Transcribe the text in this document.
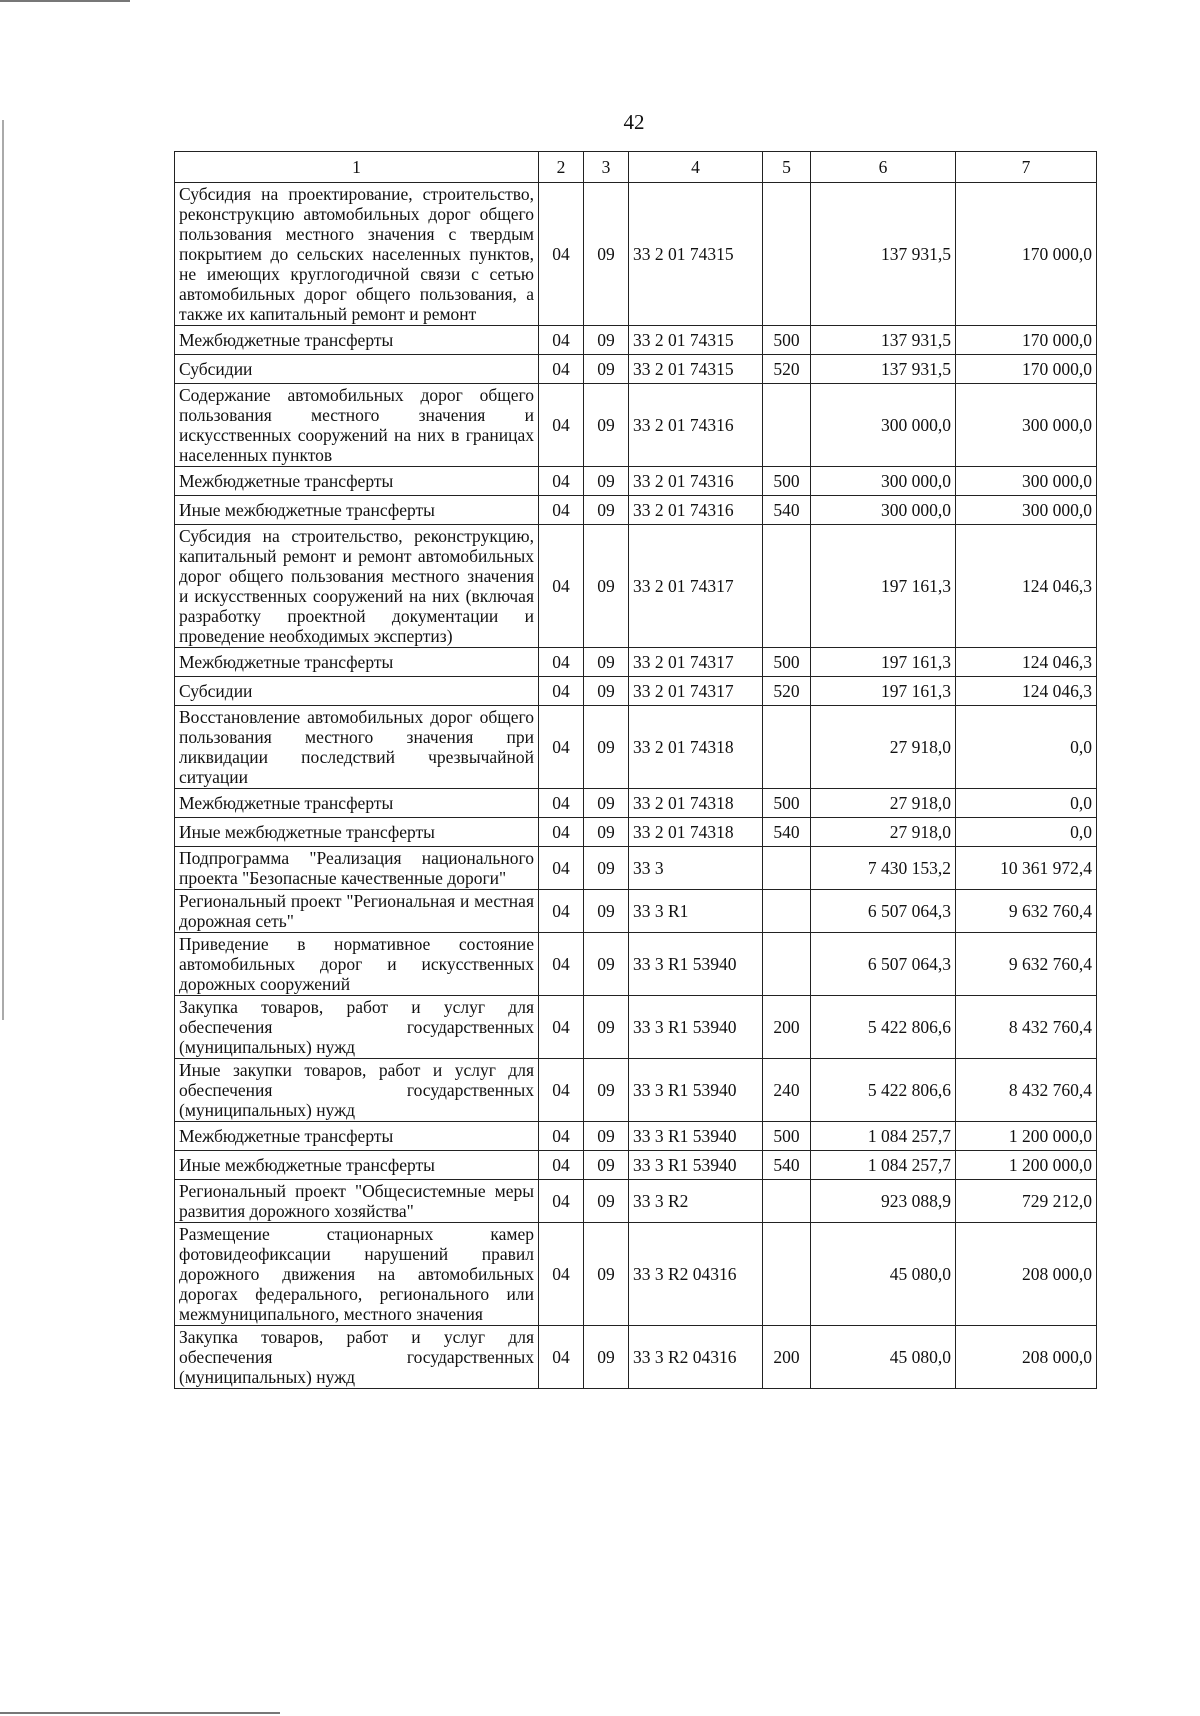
42
1	2	3	4	5	6	7
Субсидия на проектирование, строительство, реконструкцию автомобильных дорог общего пользования местного значения с твердым покрытием до сельских населенных пунктов, не имеющих круглогодичной связи с сетью автомобильных дорог общего пользования, а также их капитальный ремонт и ремонт	04	09	33 2 01 74315		137 931,5	170 000,0
Межбюджетные трансферты	04	09	33 2 01 74315	500	137 931,5	170 000,0
Субсидии	04	09	33 2 01 74315	520	137 931,5	170 000,0
Содержание автомобильных дорог общего пользования местного значения и искусственных сооружений на них в границах населенных пунктов	04	09	33 2 01 74316		300 000,0	300 000,0
Межбюджетные трансферты	04	09	33 2 01 74316	500	300 000,0	300 000,0
Иные межбюджетные трансферты	04	09	33 2 01 74316	540	300 000,0	300 000,0
Субсидия на строительство, реконструкцию, капитальный ремонт и ремонт автомобильных дорог общего пользования местного значения и искусственных сооружений на них (включая разработку проектной документации и проведение необходимых экспертиз)	04	09	33 2 01 74317		197 161,3	124 046,3
Межбюджетные трансферты	04	09	33 2 01 74317	500	197 161,3	124 046,3
Субсидии	04	09	33 2 01 74317	520	197 161,3	124 046,3
Восстановление автомобильных дорог общего пользования местного значения при ликвидации последствий чрезвычайной ситуации	04	09	33 2 01 74318		27 918,0	0,0
Межбюджетные трансферты	04	09	33 2 01 74318	500	27 918,0	0,0
Иные межбюджетные трансферты	04	09	33 2 01 74318	540	27 918,0	0,0
Подпрограмма "Реализация национального проекта "Безопасные качественные дороги"	04	09	33 3		7 430 153,2	10 361 972,4
Региональный проект "Региональная и местная дорожная сеть"	04	09	33 3 R1		6 507 064,3	9 632 760,4
Приведение в нормативное состояние автомобильных дорог и искусственных дорожных сооружений	04	09	33 3 R1 53940		6 507 064,3	9 632 760,4
Закупка товаров, работ и услуг для обеспечения государственных (муниципальных) нужд	04	09	33 3 R1 53940	200	5 422 806,6	8 432 760,4
Иные закупки товаров, работ и услуг для обеспечения государственных (муниципальных) нужд	04	09	33 3 R1 53940	240	5 422 806,6	8 432 760,4
Межбюджетные трансферты	04	09	33 3 R1 53940	500	1 084 257,7	1 200 000,0
Иные межбюджетные трансферты	04	09	33 3 R1 53940	540	1 084 257,7	1 200 000,0
Региональный проект "Общесистемные меры развития дорожного хозяйства"	04	09	33 3 R2		923 088,9	729 212,0
Размещение стационарных камер фотовидеофиксации нарушений правил дорожного движения на автомобильных дорогах федерального, регионального или межмуниципального, местного значения	04	09	33 3 R2 04316		45 080,0	208 000,0
Закупка товаров, работ и услуг для обеспечения государственных (муниципальных) нужд	04	09	33 3 R2 04316	200	45 080,0	208 000,0
